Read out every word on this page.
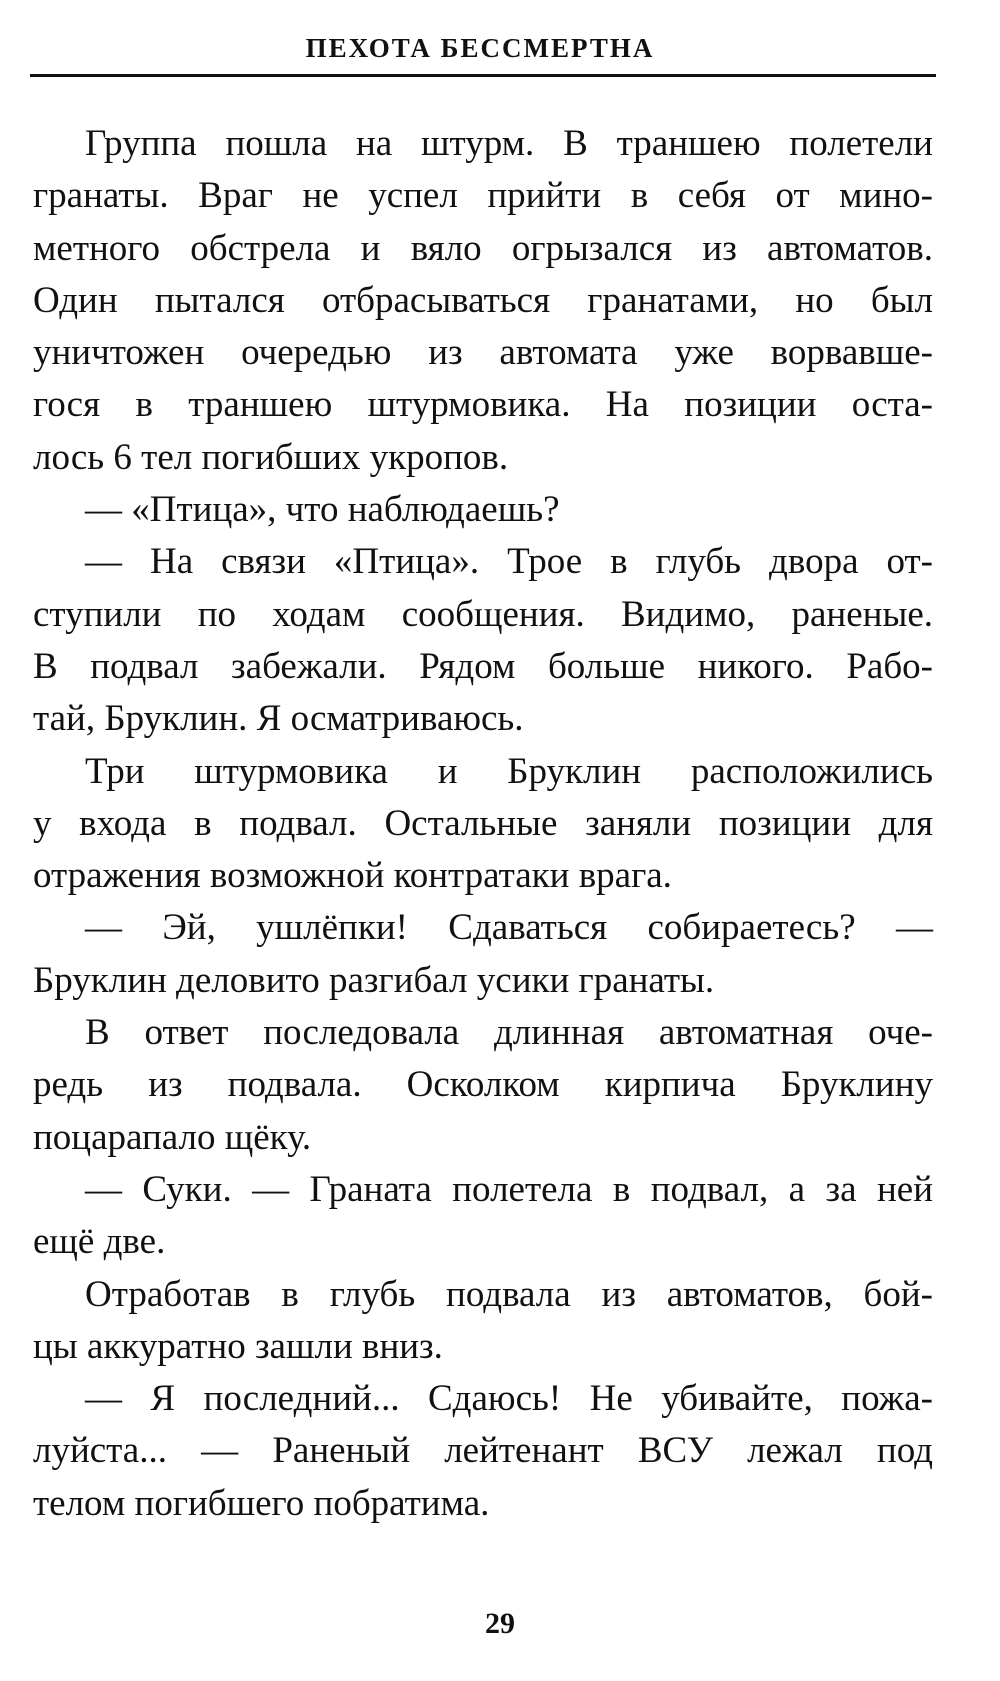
ПЕХОТА БЕССМЕРТНА
Группа пошла на штурм. В траншею полетели
гранаты. Враг не успел прийти в себя от мино-
метного обстрела и вяло огрызался из автоматов.
Один пытался отбрасываться гранатами, но был
уничтожен очередью из автомата уже ворвавше-
гося в траншею штурмовика. На позиции оста-
лось 6 тел погибших укропов.
— «Птица», что наблюдаешь?
— На связи «Птица». Трое в глубь двора от-
ступили по ходам сообщения. Видимо, раненые.
В подвал забежали. Рядом больше никого. Рабо-
тай, Бруклин. Я осматриваюсь.
Три штурмовика и Бруклин расположились
у входа в подвал. Остальные заняли позиции для
отражения возможной контратаки врага.
— Эй, ушлёпки! Сдаваться собираетесь? —
Бруклин деловито разгибал усики гранаты.
В ответ последовала длинная автоматная оче-
редь из подвала. Осколком кирпича Бруклину
поцарапало щёку.
— Суки. — Граната полетела в подвал, а за ней
ещё две.
Отработав в глубь подвала из автоматов, бой-
цы аккуратно зашли вниз.
— Я последний... Сдаюсь! Не убивайте, пожа-
луйста... — Раненый лейтенант ВСУ лежал под
телом погибшего побратима.
29
